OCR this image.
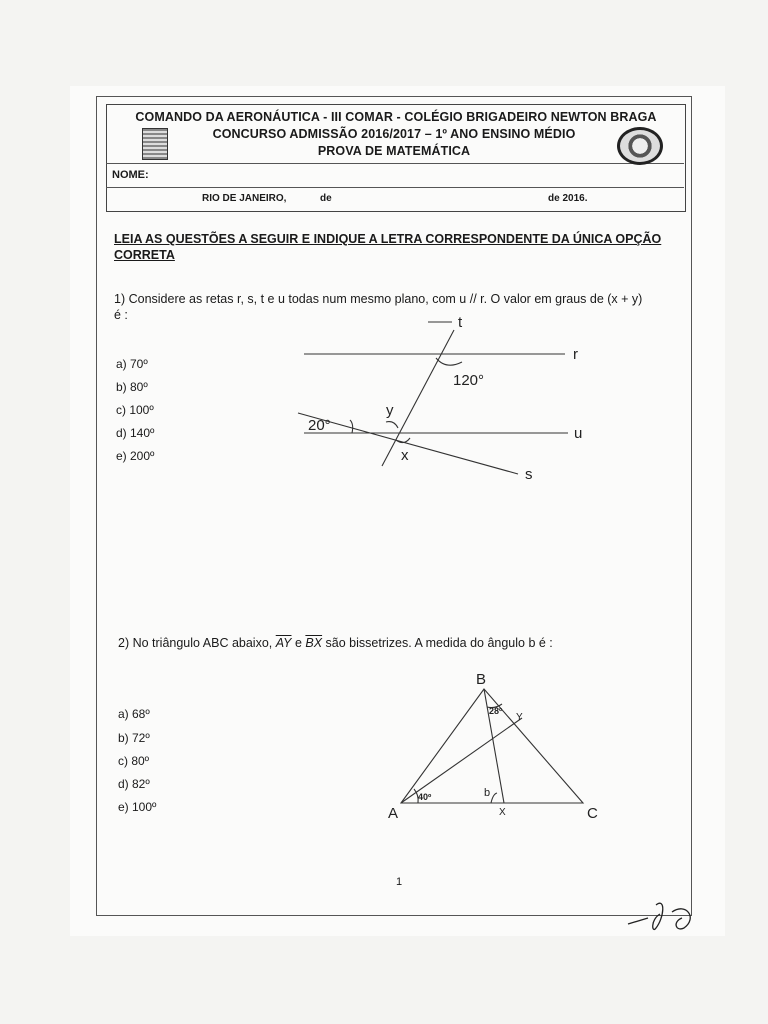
COMANDO DA AERONÁUTICA - III COMAR - COLÉGIO BRIGADEIRO NEWTON BRAGA
CONCURSO ADMISSÃO 2016/2017 – 1º ANO ENSINO MÉDIO
PROVA DE MATEMÁTICA
NOME:
RIO DE JANEIRO,	de	de 2016.
LEIA AS QUESTÕES A SEGUIR E INDIQUE A LETRA CORRESPONDENTE DA ÚNICA OPÇÃO
CORRETA
1) Considere as retas r, s, t e u todas num mesmo plano, com u // r. O valor em graus de (x + y)
é :
a) 70º
b) 80º
c) 100º
d) 140º
e) 200º
2) No triângulo ABC abaixo, $\overline{AY}$ e $\overline{BX}$ são bissetrizes. A medida do ângulo b é :
a) 68º
b) 72º
c) 80º
d) 82º
e) 100º
1
t
r
u
s
120°
20°
y
x
B
A	C
X
Y
b
40º
28º
